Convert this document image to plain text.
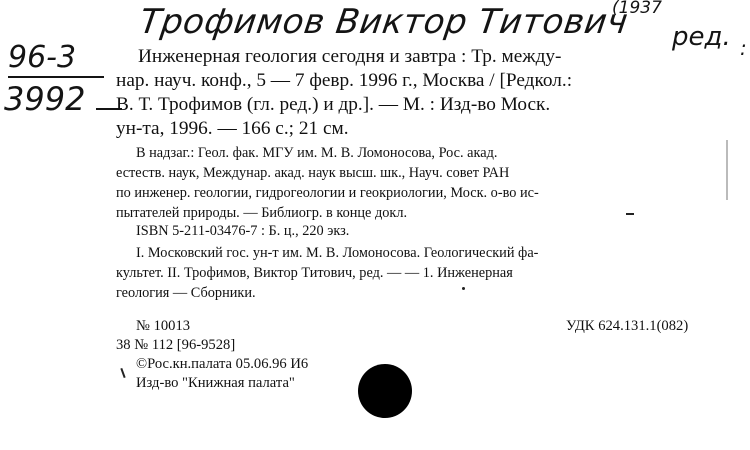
Трофимов Виктор Титович
(1937
ред. :
96-3
3992
Инженерная геология сегодня и завтра : Тр. между-
нар. науч. конф., 5 — 7 февр. 1996 г., Москва / [Редкол.:
В. Т. Трофимов (гл. ред.) и др.]. — М. : Изд-во Моск.
ун-та, 1996. — 166 с.; 21 см.
В надзаг.: Геол. фак. МГУ им. М. В. Ломоносова, Рос. акад.
естеств. наук, Междунар. акад. наук высш. шк., Науч. совет РАН
по инженер. геологии, гидрогеологии и геокриологии, Моск. о-во ис-
пытателей природы. — Библиогр. в конце докл.
ISBN 5-211-03476-7 : Б. ц., 220 экз.
I. Московский гос. ун-т им. М. В. Ломоносова. Геологический фа-
культет. II. Трофимов, Виктор Титович, ред. — — 1. Инженерная
геология — Сборники.
№ 10013	УДК 624.131.1(082)
38 № 112 [96-9528]
©Рос.кн.палата 05.06.96 И6
Изд-во "Книжная палата"
